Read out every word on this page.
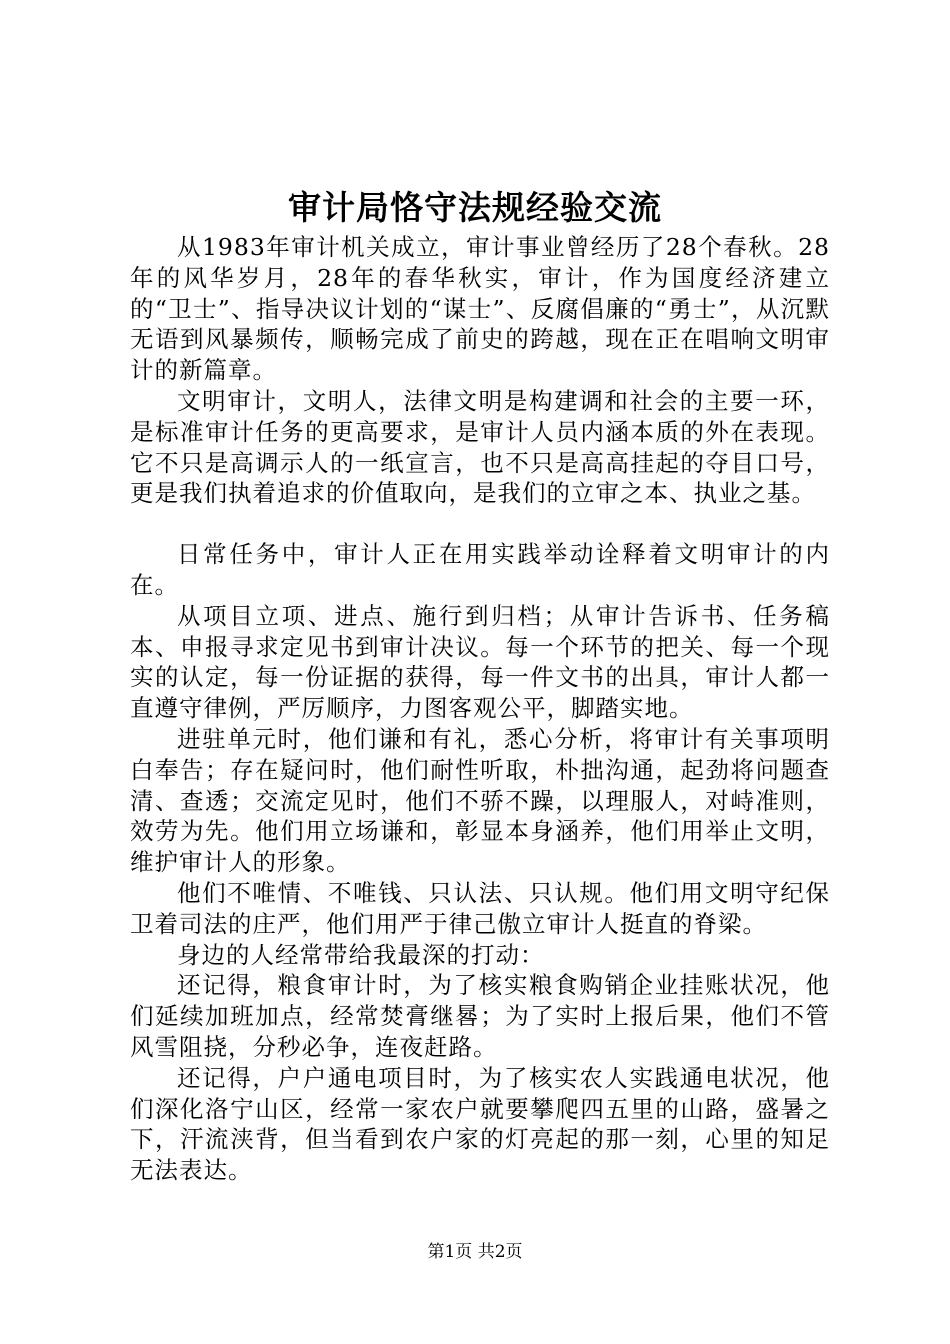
审计局恪守法规经验交流

从1983年审计机关成立，审计事业曾经历了28个春秋。28年的风华岁月，28年的春华秋实，审计，作为国度经济建立的“卫士”、指导决议计划的“谋士”、反腐倡廉的“勇士”，从沉默无语到风暴频传，顺畅完成了前史的跨越，现在正在唱响文明审计的新篇章。

文明审计，文明人，法律文明是构建调和社会的主要一环，是标准审计任务的更高要求，是审计人员内涵本质的外在表现。它不只是高调示人的一纸宣言，也不只是高高挂起的夺目口号，更是我们执着追求的价值取向，是我们的立审之本、执业之基。

日常任务中，审计人正在用实践举动诠释着文明审计的内在。

从项目立项、进点、施行到归档；从审计告诉书、任务稿本、申报寻求定见书到审计决议。每一个环节的把关、每一个现实的认定，每一份证据的获得，每一件文书的出具，审计人都一直遵守律例，严厉顺序，力图客观公平，脚踏实地。

进驻单元时，他们谦和有礼，悉心分析，将审计有关事项明白奉告；存在疑问时，他们耐性听取，朴拙沟通，起劲将问题查清、查透；交流定见时，他们不骄不躁，以理服人，对峙准则，效劳为先。他们用立场谦和，彰显本身涵养，他们用举止文明，维护审计人的形象。

他们不唯情、不唯钱、只认法、只认规。他们用文明守纪保卫着司法的庄严，他们用严于律己傲立审计人挺直的脊梁。

身边的人经常带给我最深的打动：

还记得，粮食审计时，为了核实粮食购销企业挂账状况，他们延续加班加点，经常焚膏继晷；为了实时上报后果，他们不管风雪阻挠，分秒必争，连夜赶路。

还记得，户户通电项目时，为了核实农人实践通电状况，他们深化洛宁山区，经常一家农户就要攀爬四五里的山路，盛暑之下，汗流浃背，但当看到农户家的灯亮起的那一刻，心里的知足无法表达。

第1页 共2页
